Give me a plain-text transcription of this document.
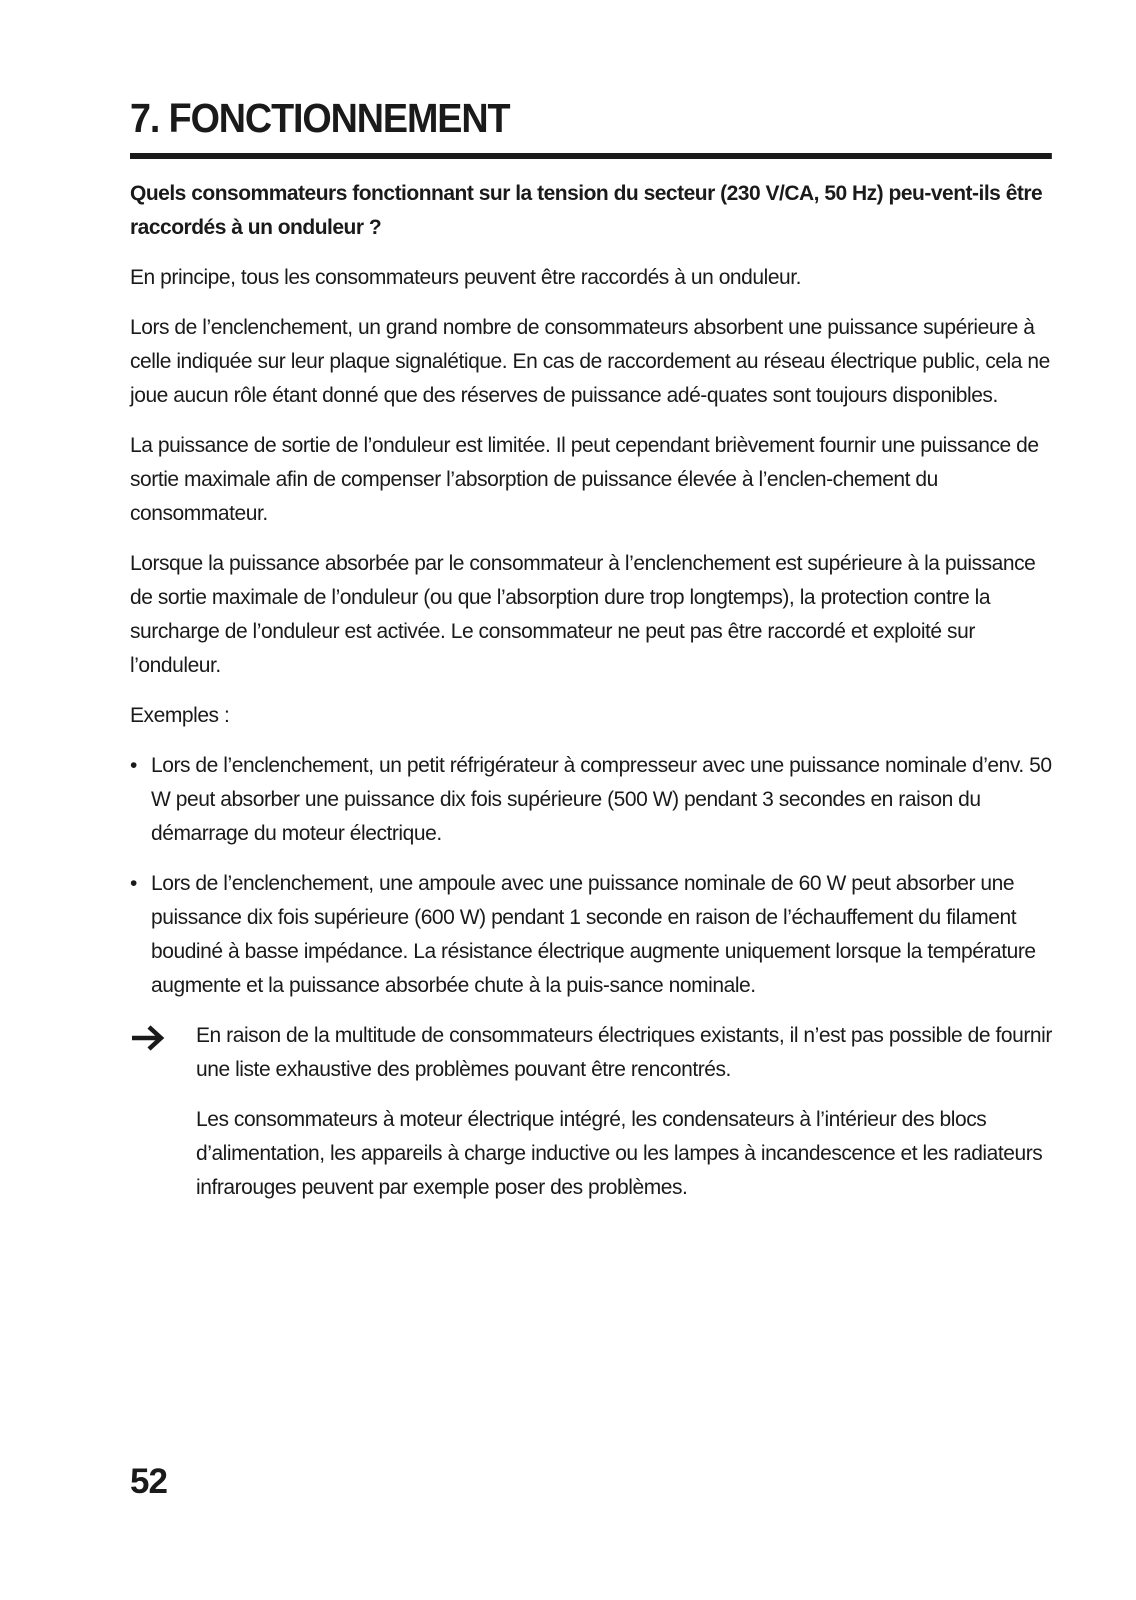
7. FONCTIONNEMENT

Quels consommateurs fonctionnant sur la tension du secteur (230 V/CA, 50 Hz) peu-vent-ils être raccordés à un onduleur ?

En principe, tous les consommateurs peuvent être raccordés à un onduleur.

Lors de l’enclenchement, un grand nombre de consommateurs absorbent une puissance supérieure à celle indiquée sur leur plaque signalétique. En cas de raccordement au réseau électrique public, cela ne joue aucun rôle étant donné que des réserves de puissance adé-quates sont toujours disponibles.

La puissance de sortie de l’onduleur est limitée. Il peut cependant brièvement fournir une puissance de sortie maximale afin de compenser l’absorption de puissance élevée à l’enclen-chement du consommateur.

Lorsque la puissance absorbée par le consommateur à l’enclenchement est supérieure à la puissance de sortie maximale de l’onduleur (ou que l’absorption dure trop longtemps), la protection contre la surcharge de l’onduleur est activée. Le consommateur ne peut pas être raccordé et exploité sur l’onduleur.

Exemples :

• Lors de l’enclenchement, un petit réfrigérateur à compresseur avec une puissance nominale d’env. 50 W peut absorber une puissance dix fois supérieure (500 W) pendant 3 secondes en raison du démarrage du moteur électrique.
• Lors de l’enclenchement, une ampoule avec une puissance nominale de 60 W peut absorber une puissance dix fois supérieure (600 W) pendant 1 seconde en raison de l’échauffement du filament boudiné à basse impédance. La résistance électrique augmente uniquement lorsque la température augmente et la puissance absorbée chute à la puis-sance nominale.

En raison de la multitude de consommateurs électriques existants, il n’est pas possible de fournir une liste exhaustive des problèmes pouvant être rencontrés.

Les consommateurs à moteur électrique intégré, les condensateurs à l’intérieur des blocs d’alimentation, les appareils à charge inductive ou les lampes à incandescence et les radiateurs infrarouges peuvent par exemple poser des problèmes.

52
